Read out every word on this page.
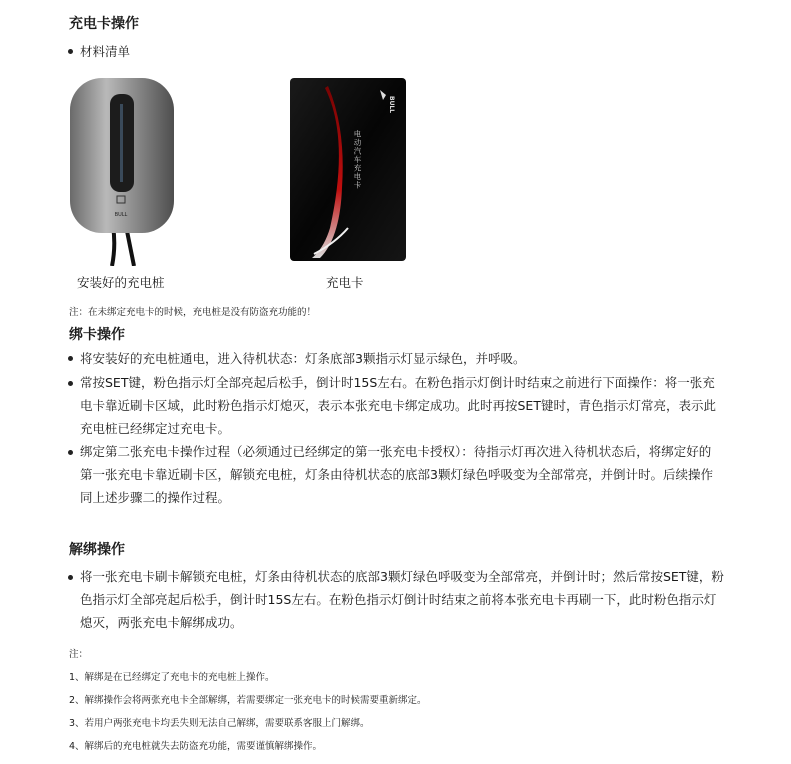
充电卡操作
材料清单
BULL
安装好的充电桩
BULL
电动汽车充电卡
充电卡
注：在未绑定充电卡的时候，充电桩是没有防盗充功能的！
绑卡操作
将安装好的充电桩通电，进入待机状态：灯条底部3颗指示灯显示绿色，并呼吸。
常按SET键，粉色指示灯全部亮起后松手，倒计时15S左右。在粉色指示灯倒计时结束之前进行下面操作：将一张充
电卡靠近刷卡区域，此时粉色指示灯熄灭，表示本张充电卡绑定成功。此时再按SET键时，青色指示灯常亮，表示此
充电桩已经绑定过充电卡。
绑定第二张充电卡操作过程（必须通过已经绑定的第一张充电卡授权）：待指示灯再次进入待机状态后，将绑定好的
第一张充电卡靠近刷卡区，解锁充电桩，灯条由待机状态的底部3颗灯绿色呼吸变为全部常亮，并倒计时。后续操作
同上述步骤二的操作过程。
解绑操作
将一张充电卡刷卡解锁充电桩，灯条由待机状态的底部3颗灯绿色呼吸变为全部常亮，并倒计时；然后常按SET键，粉
色指示灯全部亮起后松手，倒计时15S左右。在粉色指示灯倒计时结束之前将本张充电卡再刷一下，此时粉色指示灯
熄灭，两张充电卡解绑成功。
注：
1、解绑是在已经绑定了充电卡的充电桩上操作。
2、解绑操作会将两张充电卡全部解绑，若需要绑定一张充电卡的时候需要重新绑定。
3、若用户两张充电卡均丢失则无法自己解绑，需要联系客服上门解绑。
4、解绑后的充电桩就失去防盗充功能，需要谨慎解绑操作。
